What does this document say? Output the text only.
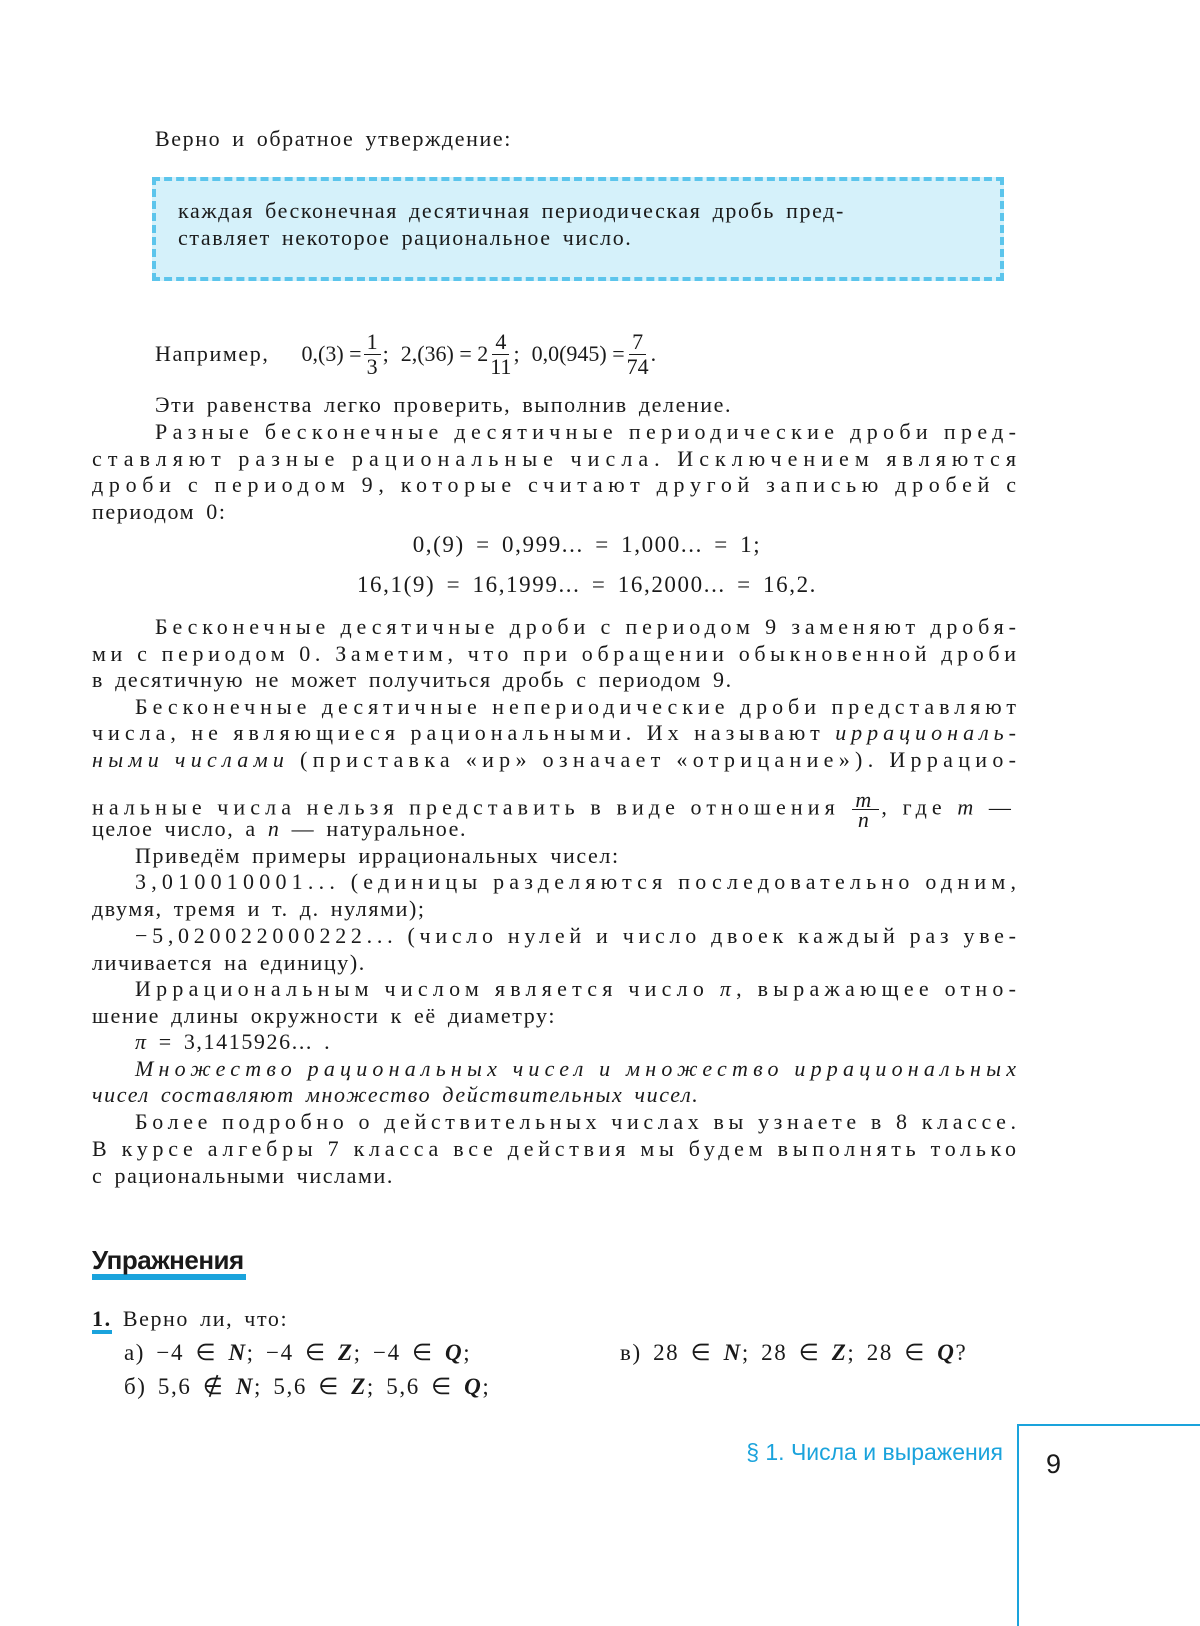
Верно и обратное утверждение:
каждая бесконечная десятичная периодическая дробь пред-
ставляет некоторое рациональное число.
Например, $0,(3) = \frac{1}{3}$ ; $2,(36) = 2 \frac{4}{11}$ ; $0,0(945) = \frac{7}{74}$ .
Эти равенства легко проверить, выполнив деление.
Разные бесконечные десятичные периодические дроби пред-
ставляют разные рациональные числа. Исключением являются
дроби с периодом 9, которые считают другой записью дробей с
периодом 0:
0,(9) = 0,999... = 1,000... = 1;
16,1(9) = 16,1999... = 16,2000... = 16,2.
Бесконечные десятичные дроби с периодом 9 заменяют дробя-
ми с периодом 0. Заметим, что при обращении обыкновенной дроби
в десятичную не может получиться дробь с периодом 9.
Бесконечные десятичные непериодические дроби представляют
числа, не являющиеся рациональными. Их называют иррациональ-
ными числами (приставка «ир» означает «отрицание»). Иррацио-
нальные числа нельзя представить в виде отношения $\frac{m}{n}$ , где m —
целое число, а n — натуральное.
Приведём примеры иррациональных чисел:
3,010010001... (единицы разделяются последовательно одним,
двумя, тремя и т. д. нулями);
−5,020022000222... (число нулей и число двоек каждый раз уве-
личивается на единицу).
Иррациональным числом является число π, выражающее отно-
шение длины окружности к её диаметру:
π = 3,1415926... .
Множество рациональных чисел и множество иррациональных
чисел составляют множество действительных чисел.
Более подробно о действительных числах вы узнаете в 8 классе.
В курсе алгебры 7 класса все действия мы будем выполнять только
с рациональными числами.
Упражнения
1. Верно ли, что:
а) −4 ∈ N; −4 ∈ Z; −4 ∈ Q;	в) 28 ∈ N; 28 ∈ Z; 28 ∈ Q?
б) 5,6 ∉ N; 5,6 ∈ Z; 5,6 ∈ Q;
§ 1. Числа и выражения 9
